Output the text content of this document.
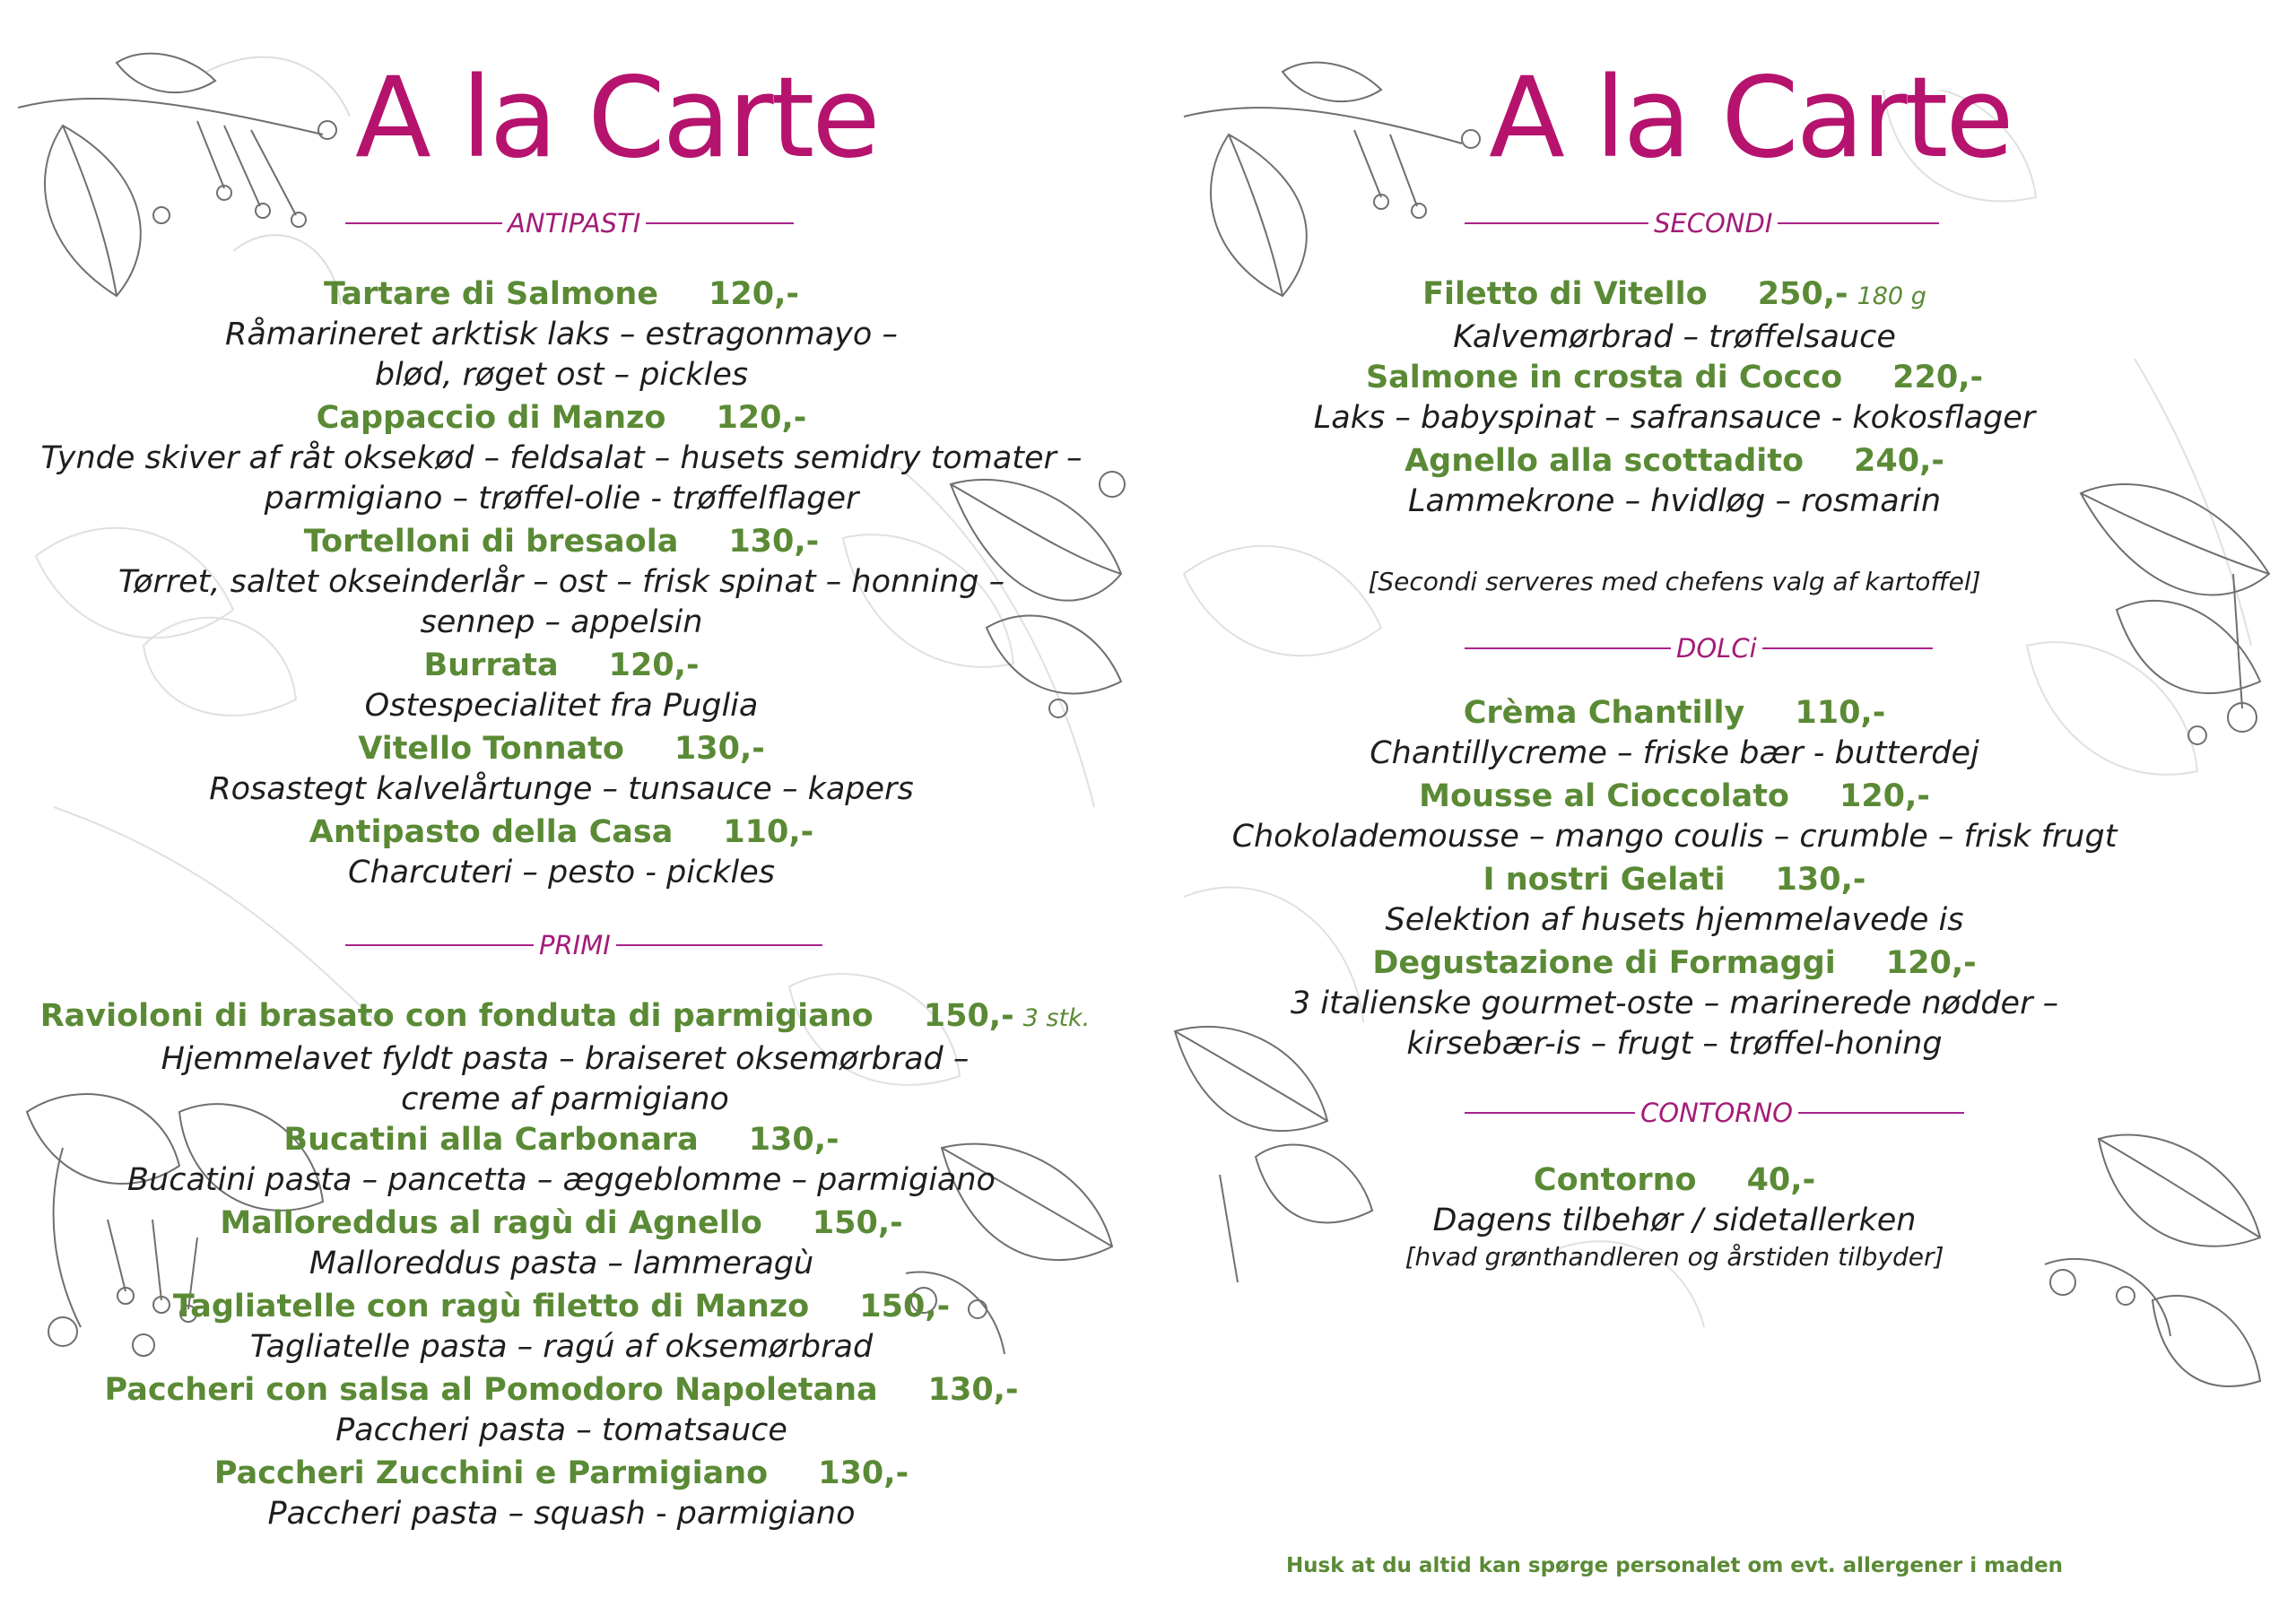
A la Carte
ANTIPASTI
Tartare di Salmone 120,-
Råmarineret arktisk laks – estragonmayo –
blød, røget ost – pickles
Cappaccio di Manzo 120,-
Tynde skiver af råt oksekød – feldsalat – husets semidry tomater –
parmigiano – trøffel-olie - trøffelflager
Tortelloni di bresaola 130,-
Tørret, saltet okseinderlår – ost – frisk spinat – honning –
sennep – appelsin
Burrata 120,-
Ostespecialitet fra Puglia
Vitello Tonnato 130,-
Rosastegt kalvelårtunge – tunsauce – kapers
Antipasto della Casa 110,-
Charcuteri – pesto - pickles
PRIMI
Ravioloni di brasato con fonduta di parmigiano 150,- 3 stk.
Hjemmelavet fyldt pasta – braiseret oksemørbrad –
creme af parmigiano
Bucatini alla Carbonara 130,-
Bucatini pasta – pancetta – æggeblomme – parmigiano
Malloreddus al ragù di Agnello 150,-
Malloreddus pasta – lammeragù
Tagliatelle con ragù filetto di Manzo 150,-
Tagliatelle pasta – ragú af oksemørbrad
Paccheri con salsa al Pomodoro Napoletana 130,-
Paccheri pasta – tomatsauce
Paccheri Zucchini e Parmigiano 130,-
Paccheri pasta – squash - parmigiano
A la Carte
SECONDI
Filetto di Vitello 250,- 180 g
Kalvemørbrad – trøffelsauce
Salmone in crosta di Cocco 220,-
Laks – babyspinat – safransauce - kokosflager
Agnello alla scottadito 240,-
Lammekrone – hvidløg – rosmarin
[Secondi serveres med chefens valg af kartoffel]
DOLCi
Crèma Chantilly 110,-
Chantillycreme – friske bær - butterdej
Mousse al Cioccolato 120,-
Chokolademousse – mango coulis – crumble – frisk frugt
I nostri Gelati 130,-
Selektion af husets hjemmelavede is
Degustazione di Formaggi 120,-
3 italienske gourmet-oste – marinerede nødder –
kirsebær-is – frugt – trøffel-honing
CONTORNO
Contorno 40,-
Dagens tilbehør / sidetallerken
[hvad grønthandleren og årstiden tilbyder]
Husk at du altid kan spørge personalet om evt. allergener i maden
